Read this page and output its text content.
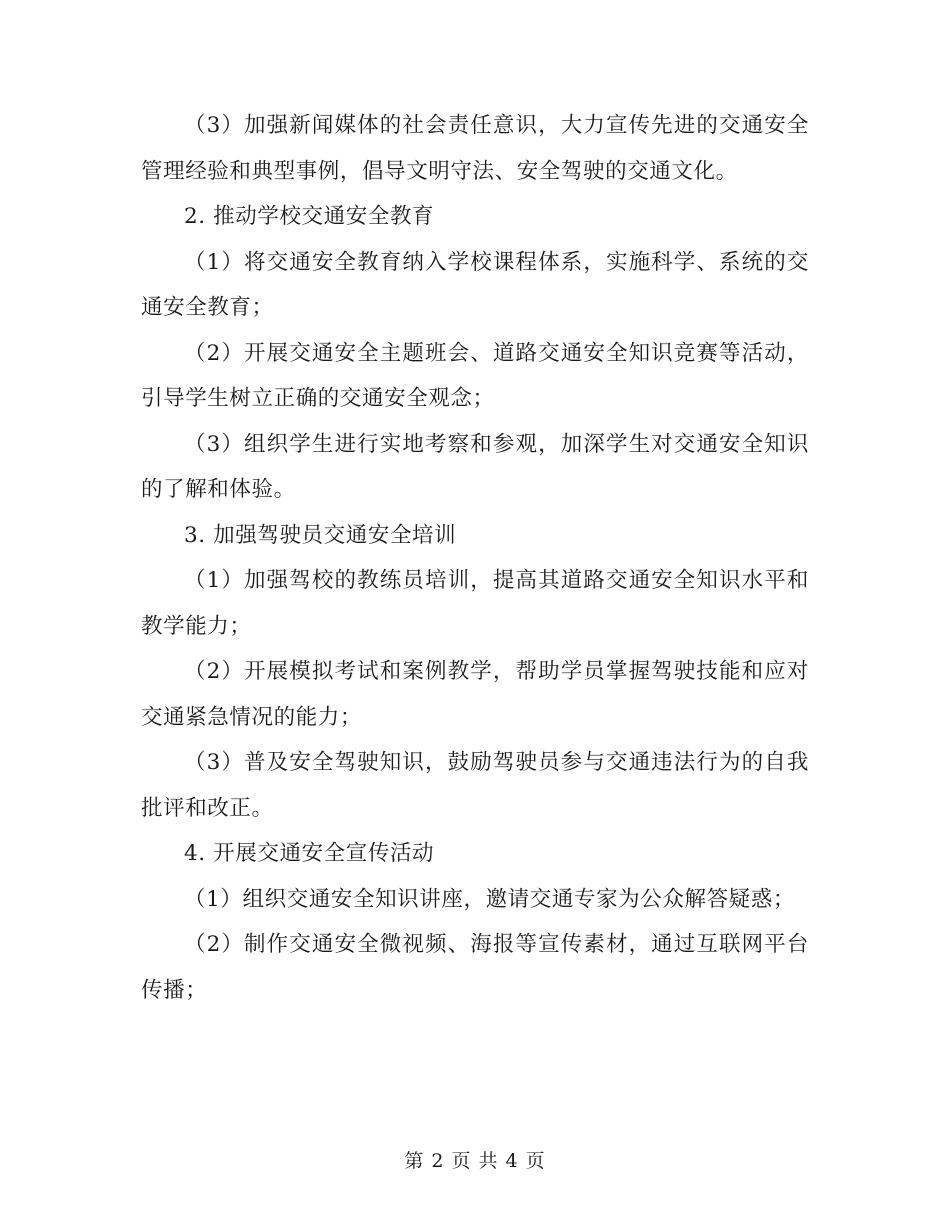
（3）加强新闻媒体的社会责任意识，大力宣传先进的交通安全管理经验和典型事例，倡导文明守法、安全驾驶的交通文化。

2. 推动学校交通安全教育

（1）将交通安全教育纳入学校课程体系，实施科学、系统的交通安全教育；

（2）开展交通安全主题班会、道路交通安全知识竞赛等活动，引导学生树立正确的交通安全观念；

（3）组织学生进行实地考察和参观，加深学生对交通安全知识的了解和体验。

3. 加强驾驶员交通安全培训

（1）加强驾校的教练员培训，提高其道路交通安全知识水平和教学能力；

（2）开展模拟考试和案例教学，帮助学员掌握驾驶技能和应对交通紧急情况的能力；

（3）普及安全驾驶知识，鼓励驾驶员参与交通违法行为的自我批评和改正。

4. 开展交通安全宣传活动

（1）组织交通安全知识讲座，邀请交通专家为公众解答疑惑；

（2）制作交通安全微视频、海报等宣传素材，通过互联网平台传播；

第 2 页 共 4 页
